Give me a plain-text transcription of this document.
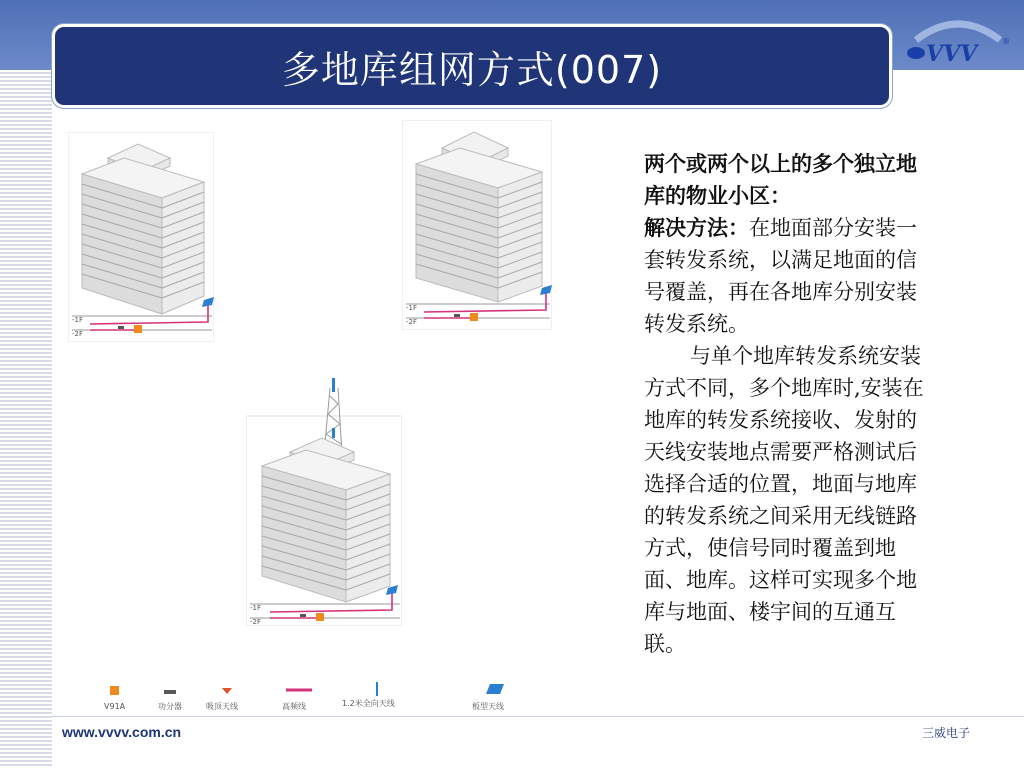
多地库组网方式(007)	VVV	®
-1F
-2F
-1F
-2F
-1F
-2F
V91A	功分器	吸顶天线	高频线	1.2米全向天线	板型天线
两个或两个以上的多个独立地库的物业小区：
解决方法：在地面部分安装一套转发系统，以满足地面的信号覆盖，再在各地库分别安装转发系统。
与单个地库转发系统安装方式不同，多个地库时,安装在地库的转发系统接收、发射的天线安装地点需要严格测试后选择合适的位置，地面与地库的转发系统之间采用无线链路方式，使信号同时覆盖到地面、地库。这样可实现多个地库与地面、楼宇间的互通互联。
www.vvvv.com.cn	三威电子
